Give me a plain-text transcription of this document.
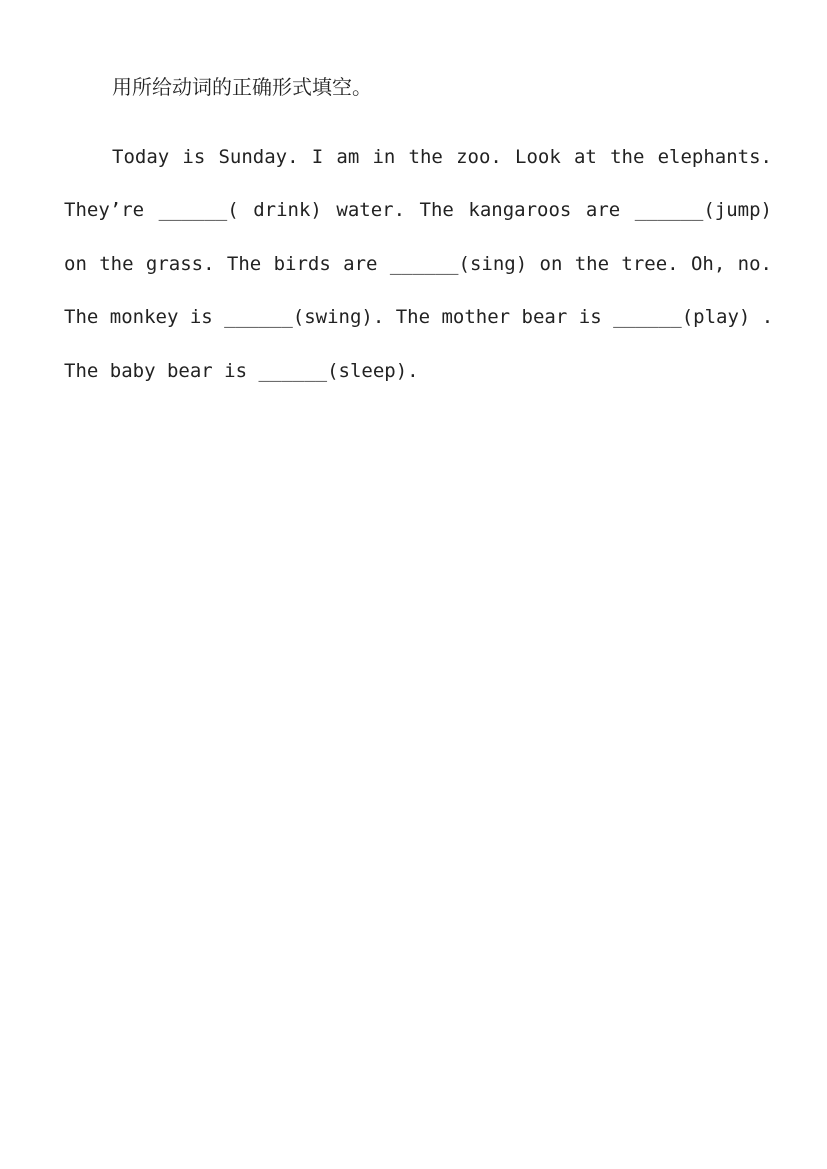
用所给动词的正确形式填空。
Today is Sunday. I am in the zoo. Look at the elephants.
They’re ______( drink) water. The kangaroos are ______(jump)
on the grass. The birds are ______(sing) on the tree. Oh, no.
The monkey is ______(swing). The mother bear is ______(play) .
The baby bear is ______(sleep).
